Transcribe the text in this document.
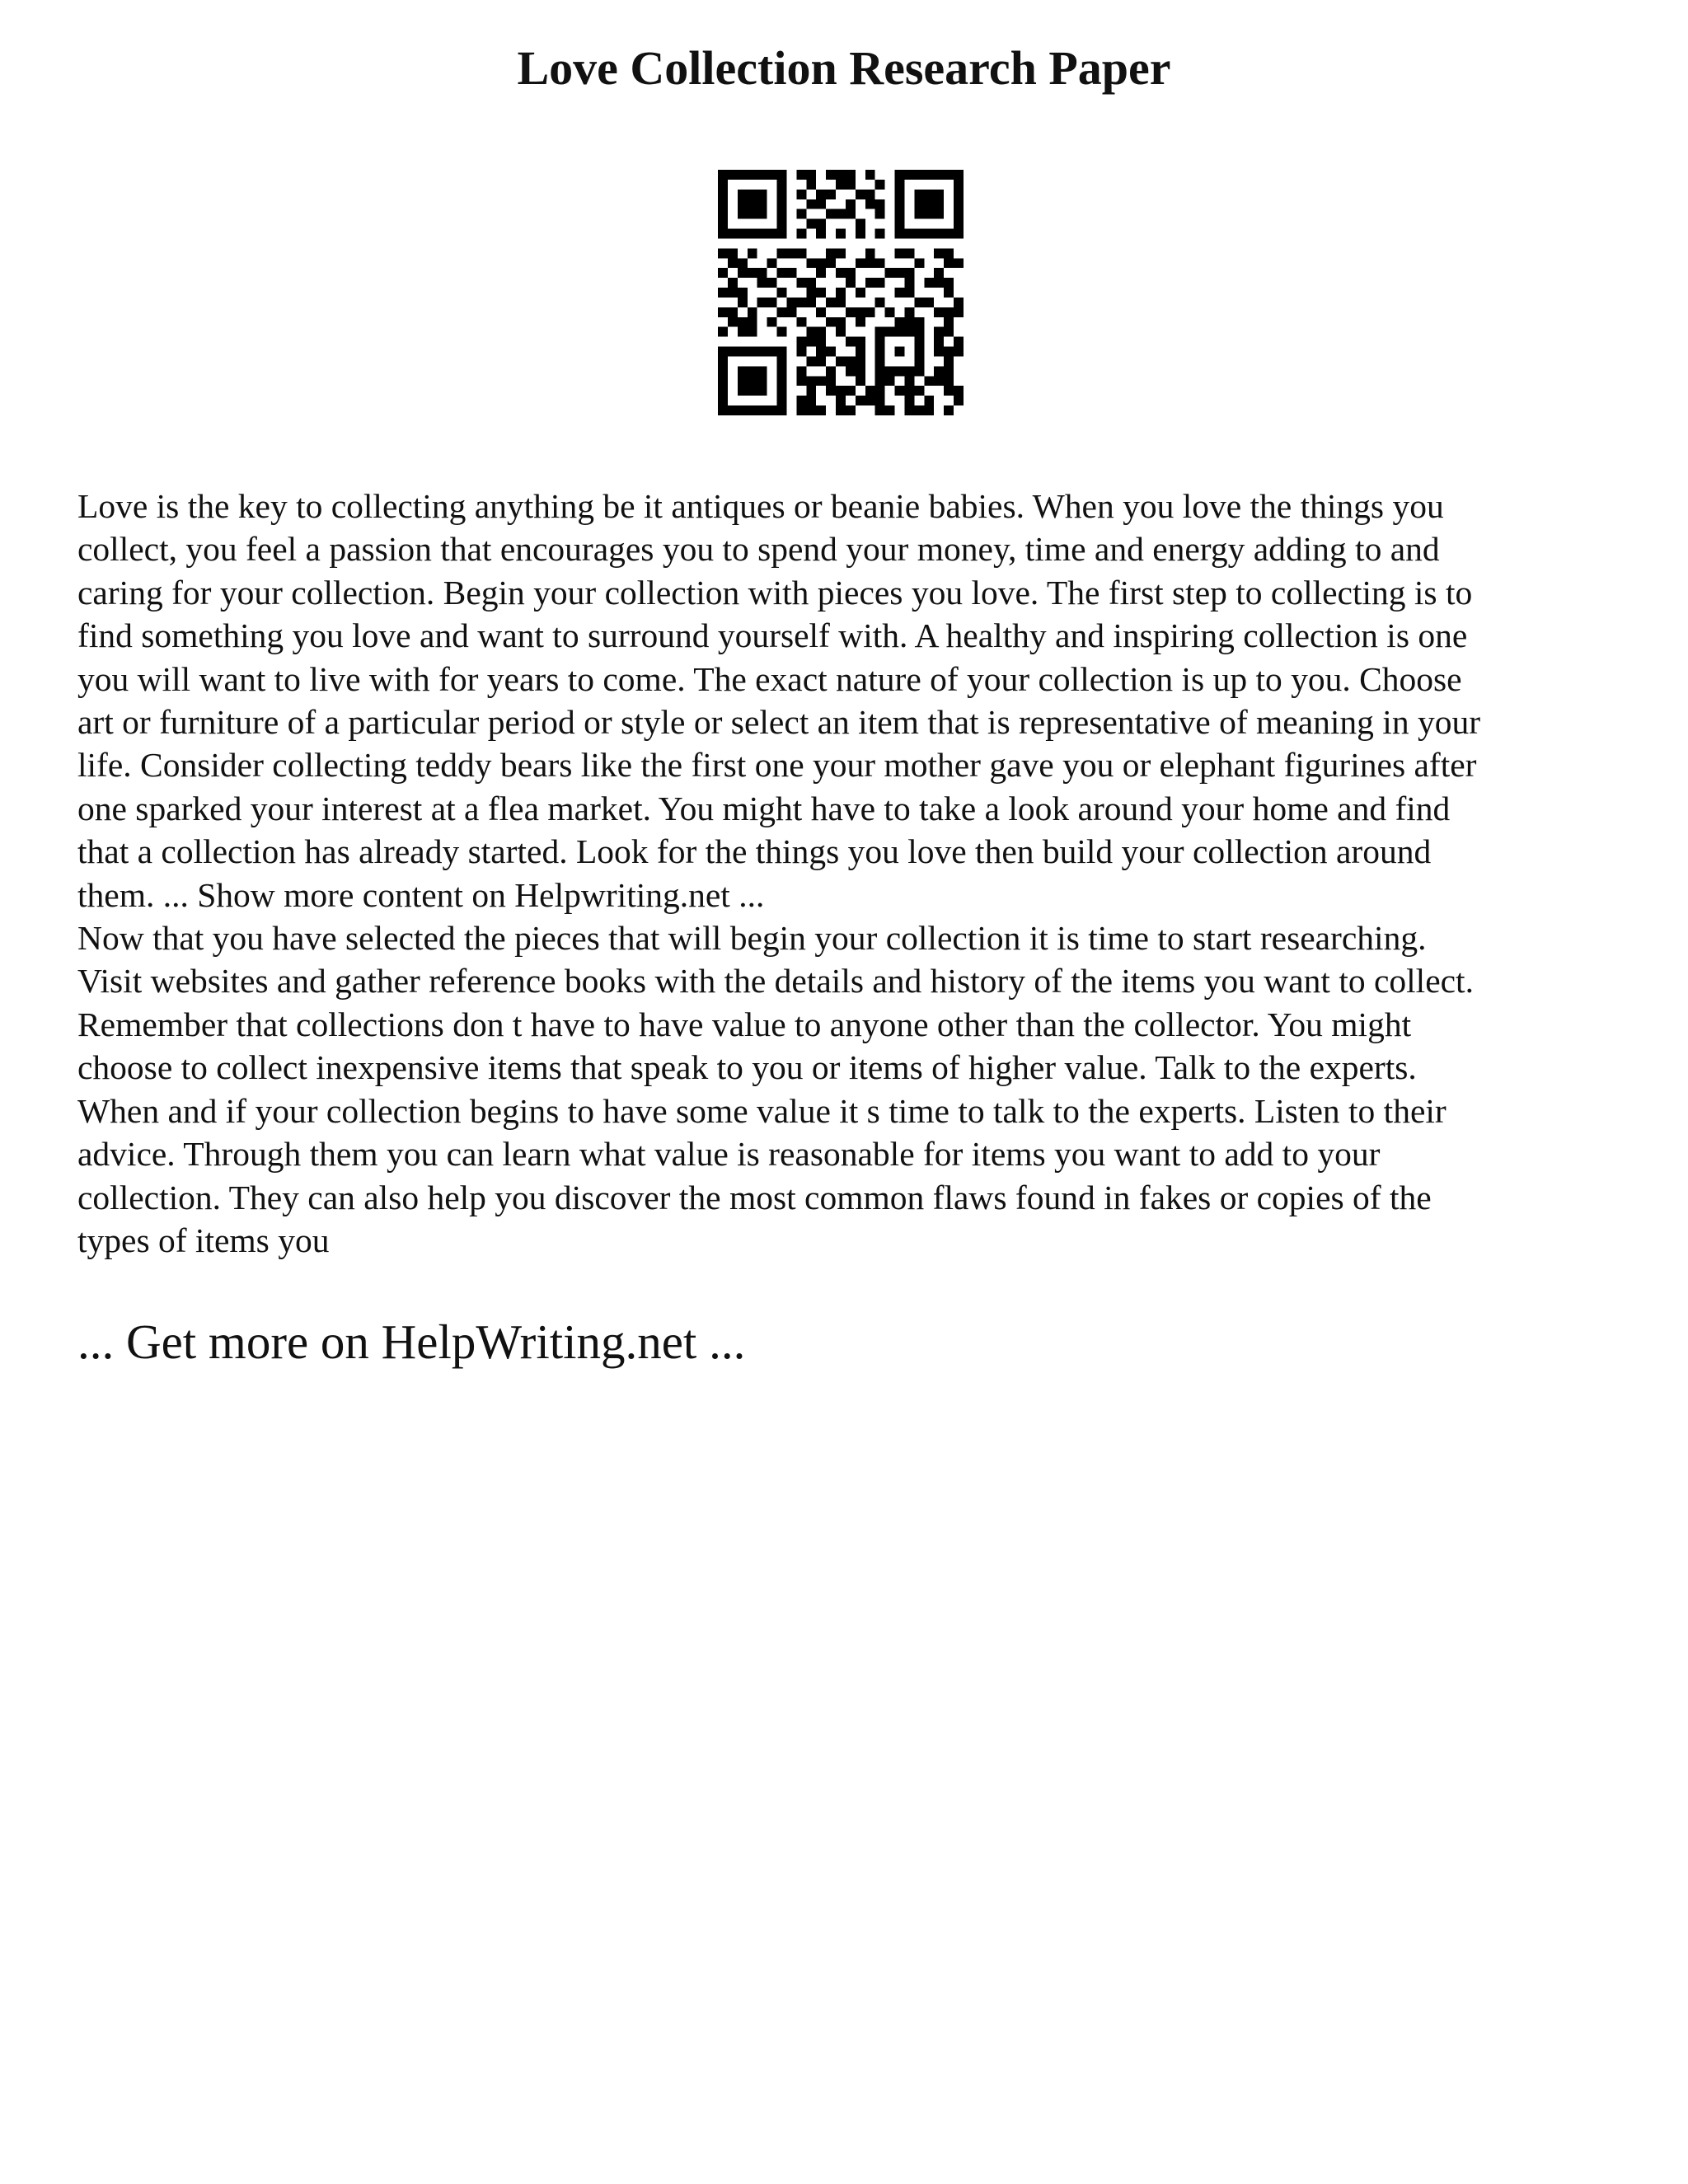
Love Collection Research Paper

Love is the key to collecting anything be it antiques or beanie babies. When you love the things you
collect, you feel a passion that encourages you to spend your money, time and energy adding to and
caring for your collection. Begin your collection with pieces you love. The first step to collecting is to
find something you love and want to surround yourself with. A healthy and inspiring collection is one
you will want to live with for years to come. The exact nature of your collection is up to you. Choose
art or furniture of a particular period or style or select an item that is representative of meaning in your
life. Consider collecting teddy bears like the first one your mother gave you or elephant figurines after
one sparked your interest at a flea market. You might have to take a look around your home and find
that a collection has already started. Look for the things you love then build your collection around
them. ... Show more content on Helpwriting.net ...
Now that you have selected the pieces that will begin your collection it is time to start researching.
Visit websites and gather reference books with the details and history of the items you want to collect.
Remember that collections don t have to have value to anyone other than the collector. You might
choose to collect inexpensive items that speak to you or items of higher value. Talk to the experts.
When and if your collection begins to have some value it s time to talk to the experts. Listen to their
advice. Through them you can learn what value is reasonable for items you want to add to your
collection. They can also help you discover the most common flaws found in fakes or copies of the
types of items you

... Get more on HelpWriting.net ...
